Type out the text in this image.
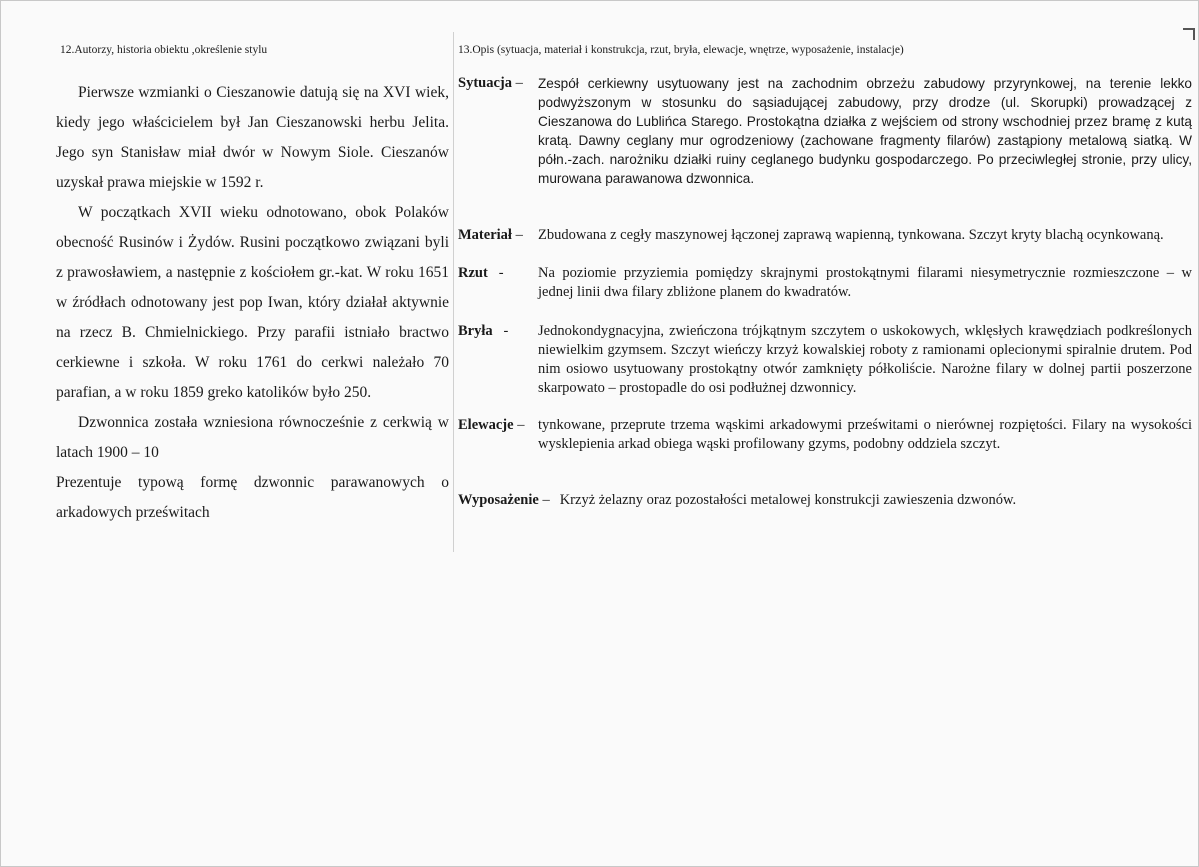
12.Autorzy, historia obiektu ,określenie stylu

Pierwsze wzmianki o Cieszanowie datują się na XVI wiek, kiedy jego właścicielem był Jan Cieszanowski herbu Jelita. Jego syn Stanisław miał dwór w Nowym Siole. Cieszanów uzyskał prawa miejskie w 1592 r.

W początkach XVII wieku odnotowano, obok Polaków obecność Rusinów i Żydów. Rusini początkowo związani byli z prawosławiem, a następnie z kościołem gr.-kat. W roku 1651 w źródłach odnotowany jest pop Iwan, który działał aktywnie na rzecz B. Chmielnickiego. Przy parafii istniało bractwo cerkiewne i szkoła. W roku 1761 do cerkwi należało 70 parafian, a w roku 1859 greko katolików było 250.

Dzwonnica została wzniesiona równocześnie z cerkwią w latach 1900 – 10

Prezentuje typową formę dzwonnic parawanowych o arkadowych prześwitach

13.Opis (sytuacja, materiał i konstrukcja, rzut, bryła, elewacje, wnętrze, wyposażenie, instalacje)
Sytuacja –	Zespół cerkiewny usytuowany jest na zachodnim obrzeżu zabudowy przyrynkowej, na terenie lekko podwyższonym w stosunku do sąsiadującej zabudowy, przy drodze (ul. Skorupki) prowadzącej z Cieszanowa do Lublińca Starego. Prostokątna działka z wejściem od strony wschodniej przez bramę z kutą kratą. Dawny ceglany mur ogrodzeniowy (zachowane fragmenty filarów) zastąpiony metalową siatką. W półn.-zach. narożniku działki ruiny ceglanego budynku gospodarczego. Po przeciwległej stronie, przy ulicy, murowana parawanowa dzwonnica.
Materiał –	Zbudowana z cegły maszynowej łączonej zaprawą wapienną, tynkowana. Szczyt kryty blachą ocynkowaną.
Rzut -	Na poziomie przyziemia pomiędzy skrajnymi prostokątnymi filarami niesymetrycznie rozmieszczone – w jednej linii dwa filary zbliżone planem do kwadratów.
Bryła -	Jednokondygnacyjna, zwieńczona trójkątnym szczytem o uskokowych, wklęsłych krawędziach podkreślonych niewielkim gzymsem. Szczyt wieńczy krzyż kowalskiej roboty z ramionami oplecionymi spiralnie drutem. Pod nim osiowo usytuowany prostokątny otwór zamknięty półkoliście. Narożne filary w dolnej partii poszerzone skarpowato – prostopadle do osi podłużnej dzwonnicy.
Elewacje – tynkowane, przeprute trzema wąskimi arkadowymi prześwitami o nierównej rozpiętości. Filary na wysokości wysklepienia arkad obiega wąski profilowany gzyms, podobny oddziela szczyt.
Wyposażenie – Krzyż żelazny oraz pozostałości metalowej konstrukcji zawieszenia dzwonów.
